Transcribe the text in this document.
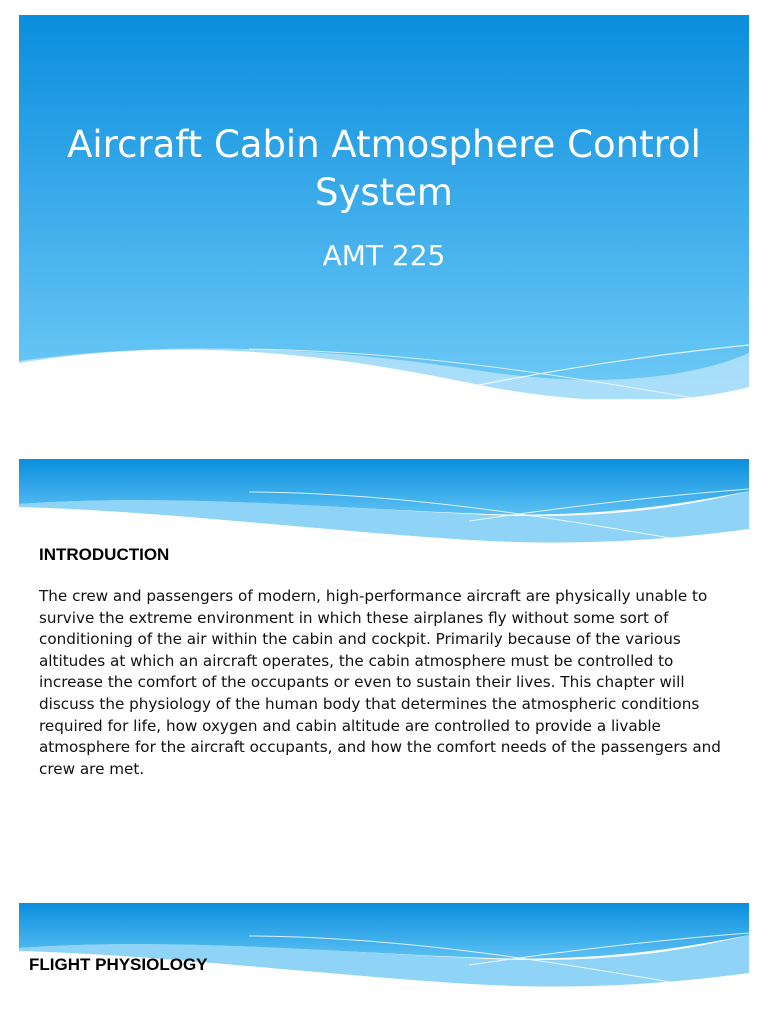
Aircraft Cabin Atmosphere Control System
AMT 225
INTRODUCTION

The crew and passengers of modern, high-performance aircraft are physically unable to survive the extreme environment in which these airplanes fly without some sort of conditioning of the air within the cabin and cockpit. Primarily because of the various altitudes at which an aircraft operates, the cabin atmosphere must be controlled to increase the comfort of the occupants or even to sustain their lives. This chapter will discuss the physiology of the human body that determines the atmospheric conditions required for life, how oxygen and cabin altitude are controlled to provide a livable atmosphere for the aircraft occupants, and how the comfort needs of the passengers and crew are met.

FLIGHT PHYSIOLOGY
